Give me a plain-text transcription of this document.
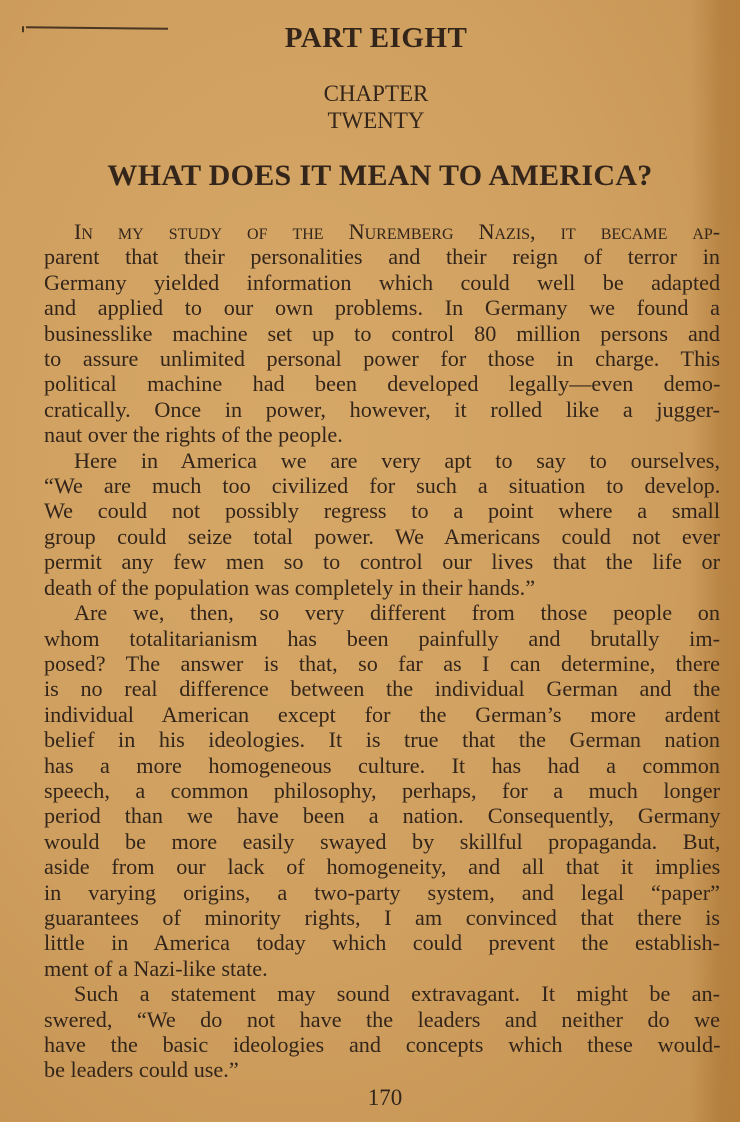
PART EIGHT
CHAPTER
TWENTY
WHAT DOES IT MEAN TO AMERICA?
In my study of the Nuremberg Nazis, it became ap-
parent that their personalities and their reign of terror in
Germany yielded information which could well be adapted
and applied to our own problems. In Germany we found a
businesslike machine set up to control 80 million persons and
to assure unlimited personal power for those in charge. This
political machine had been developed legally—even demo-
cratically. Once in power, however, it rolled like a jugger-
naut over the rights of the people.
Here in America we are very apt to say to ourselves,
“We are much too civilized for such a situation to develop.
We could not possibly regress to a point where a small
group could seize total power. We Americans could not ever
permit any few men so to control our lives that the life or
death of the population was completely in their hands.”
Are we, then, so very different from those people on
whom totalitarianism has been painfully and brutally im-
posed? The answer is that, so far as I can determine, there
is no real difference between the individual German and the
individual American except for the German’s more ardent
belief in his ideologies. It is true that the German nation
has a more homogeneous culture. It has had a common
speech, a common philosophy, perhaps, for a much longer
period than we have been a nation. Consequently, Germany
would be more easily swayed by skillful propaganda. But,
aside from our lack of homogeneity, and all that it implies
in varying origins, a two-party system, and legal “paper”
guarantees of minority rights, I am convinced that there is
little in America today which could prevent the establish-
ment of a Nazi-like state.
Such a statement may sound extravagant. It might be an-
swered, “We do not have the leaders and neither do we
have the basic ideologies and concepts which these would-
be leaders could use.”
170
